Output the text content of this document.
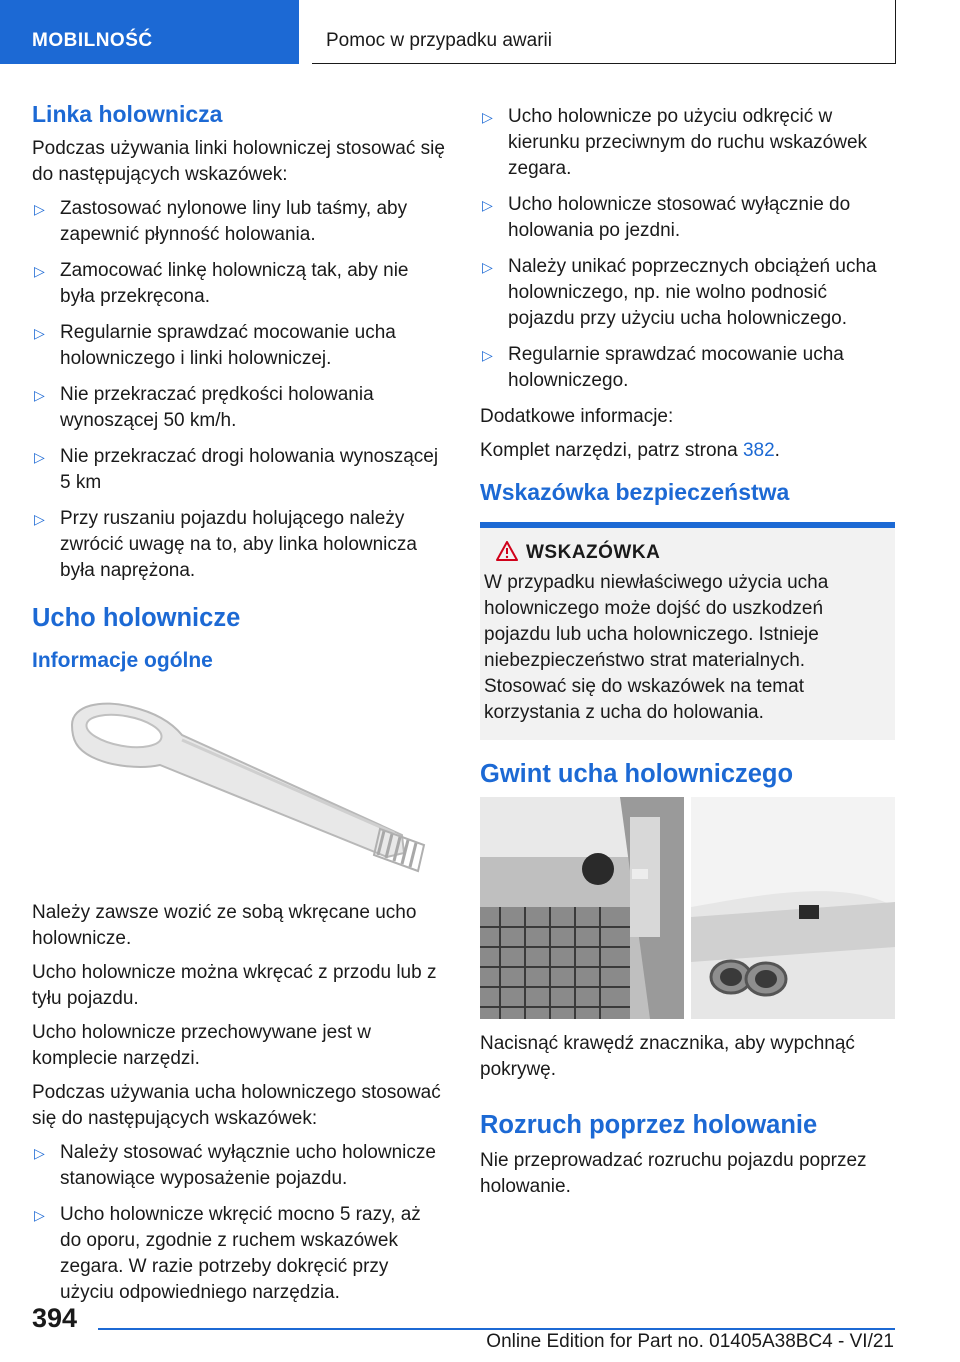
MOBILNOŚĆ	Pomoc w przypadku awarii
Linka holownicza

Podczas używania linki holowniczej stosować się do następujących wskazówek:

▷ Zastosować nylonowe liny lub taśmy, aby zapewnić płynność holowania.
▷ Zamocować linkę holowniczą tak, aby nie była przekręcona.
▷ Regularnie sprawdzać mocowanie ucha holowniczego i linki holowniczej.
▷ Nie przekraczać prędkości holowania wynoszącej 50 km/h.
▷ Nie przekraczać drogi holowania wynoszącej 5 km
▷ Przy ruszaniu pojazdu holującego należy zwrócić uwagę na to, aby linka holownicza była naprężona.
Ucho holownicze
Informacje ogólne

Należy zawsze wozić ze sobą wkręcane ucho holownicze.

Ucho holownicze można wkręcać z przodu lub z tyłu pojazdu.

Ucho holownicze przechowywane jest w komplecie narzędzi.

Podczas używania ucha holowniczego stosować się do następujących wskazówek:

▷ Należy stosować wyłącznie ucho holownicze stanowiące wyposażenie pojazdu.
▷ Ucho holownicze wkręcić mocno 5 razy, aż do oporu, zgodnie z ruchem wskazówek zegara. W razie potrzeby dokręcić przy użyciu odpowiedniego narzędzia.
▷ Ucho holownicze po użyciu odkręcić w kierunku przeciwnym do ruchu wskazówek zegara.
▷ Ucho holownicze stosować wyłącznie do holowania po jezdni.
▷ Należy unikać poprzecznych obciążeń ucha holowniczego, np. nie wolno podnosić pojazdu przy użyciu ucha holowniczego.
▷ Regularnie sprawdzać mocowanie ucha holowniczego.

Dodatkowe informacje:

Komplet narzędzi, patrz strona 382.

Wskazówka bezpieczeństwa
WSKAZÓWKA

W przypadku niewłaściwego użycia ucha holowniczego może dojść do uszkodzeń pojazdu lub ucha holowniczego. Istnieje niebezpieczeństwo strat materialnych. Stosować się do wskazówek na temat korzystania z ucha do holowania.

Gwint ucha holowniczego

Nacisnąć krawędź znacznika, aby wypchnąć pokrywę.

Rozruch poprzez holowanie

Nie przeprowadzać rozruchu pojazdu poprzez holowanie.

394
Online Edition for Part no. 01405A38BC4 - VI/21
